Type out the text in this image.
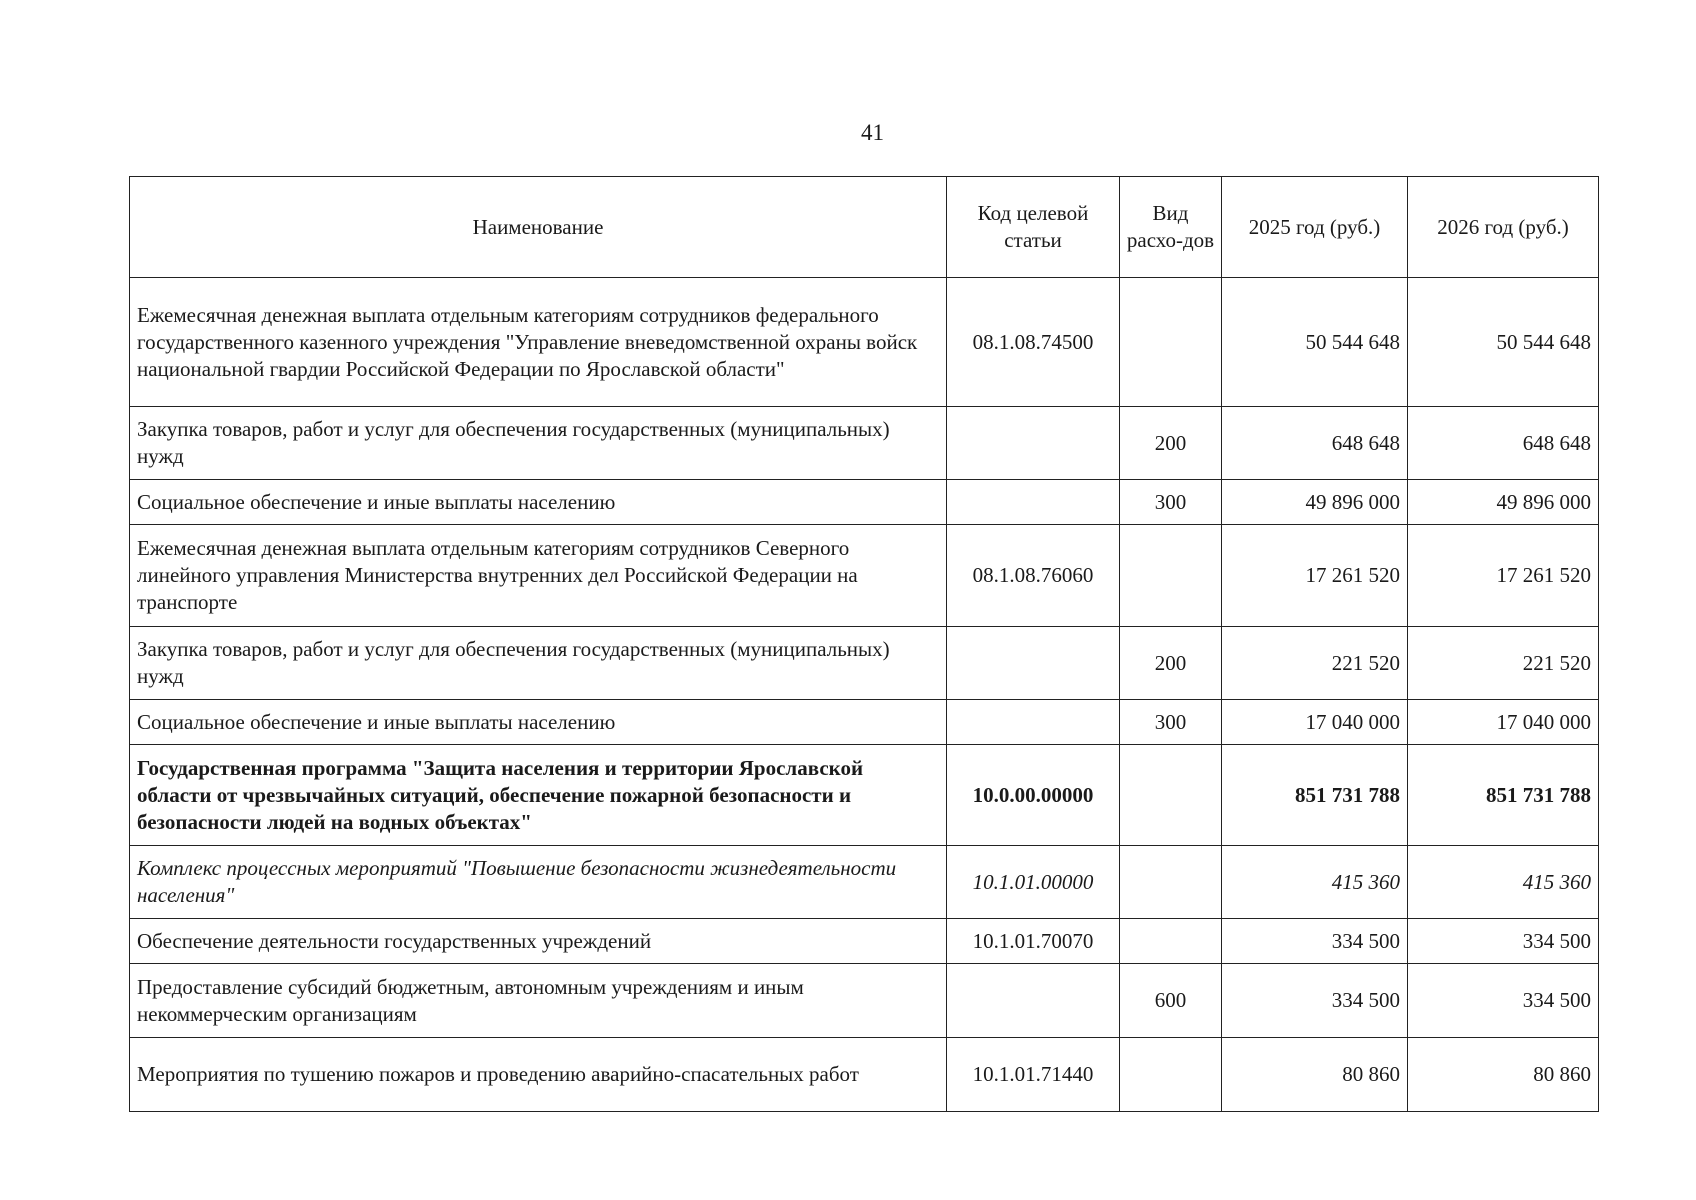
41
Наименование	Код целевой статьи	Вид расхо-дов	2025 год (руб.)	2026 год (руб.)
Ежемесячная денежная выплата отдельным категориям сотрудников федерального государственного казенного учреждения "Управление вневедомственной охраны войск национальной гвардии Российской Федерации по Ярославской области"	08.1.08.74500		50 544 648	50 544 648
Закупка товаров, работ и услуг для обеспечения государственных (муниципальных) нужд		200	648 648	648 648
Социальное обеспечение и иные выплаты населению		300	49 896 000	49 896 000
Ежемесячная денежная выплата отдельным категориям сотрудников Северного линейного управления Министерства внутренних дел Российской Федерации на транспорте	08.1.08.76060		17 261 520	17 261 520
Закупка товаров, работ и услуг для обеспечения государственных (муниципальных) нужд		200	221 520	221 520
Социальное обеспечение и иные выплаты населению		300	17 040 000	17 040 000
Государственная программа "Защита населения и территории Ярославской области от чрезвычайных ситуаций, обеспечение пожарной безопасности и безопасности людей на водных объектах"	10.0.00.00000		851 731 788	851 731 788
Комплекс процессных мероприятий "Повышение безопасности жизнедеятельности населения"	10.1.01.00000		415 360	415 360
Обеспечение деятельности государственных учреждений	10.1.01.70070		334 500	334 500
Предоставление субсидий бюджетным, автономным учреждениям и иным некоммерческим организациям		600	334 500	334 500
Мероприятия по тушению пожаров и проведению аварийно-спасательных работ	10.1.01.71440		80 860	80 860
